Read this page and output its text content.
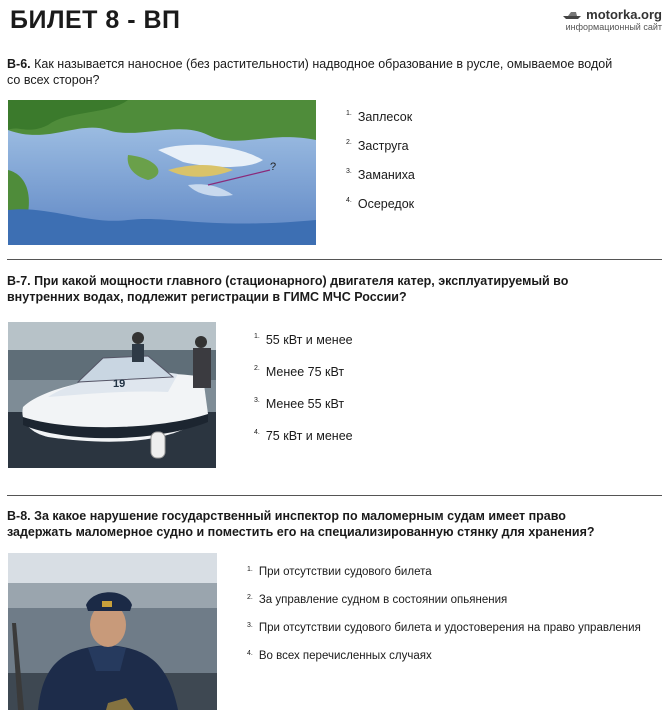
БИЛЕТ 8 - ВП	motorka.org
информационный сайт
В-6. Как называется наносное (без растительности) надводное образование в русле, омываемое водой со всех сторон?
?
1. Заплесок
2. Заструга
3. Заманиха
4. Осередок
В-7. При какой мощности главного (стационарного) двигателя катер, эксплуатируемый во внутренних водах, подлежит регистрации в ГИМС МЧС России?
19
1. 55 кВт и менее
2. Менее 75 кВт
3. Менее 55 кВт
4. 75 кВт и менее
В-8. За какое нарушение государственный инспектор по маломерным судам имеет право задержать маломерное судно и поместить его на специализированную стянку для хранения?
1. При отсутствии судового билета
2. За управление судном в состоянии опьянения
3. При отсутствии судового билета и удостоверения на право управления
4. Во всех перечисленных случаях
